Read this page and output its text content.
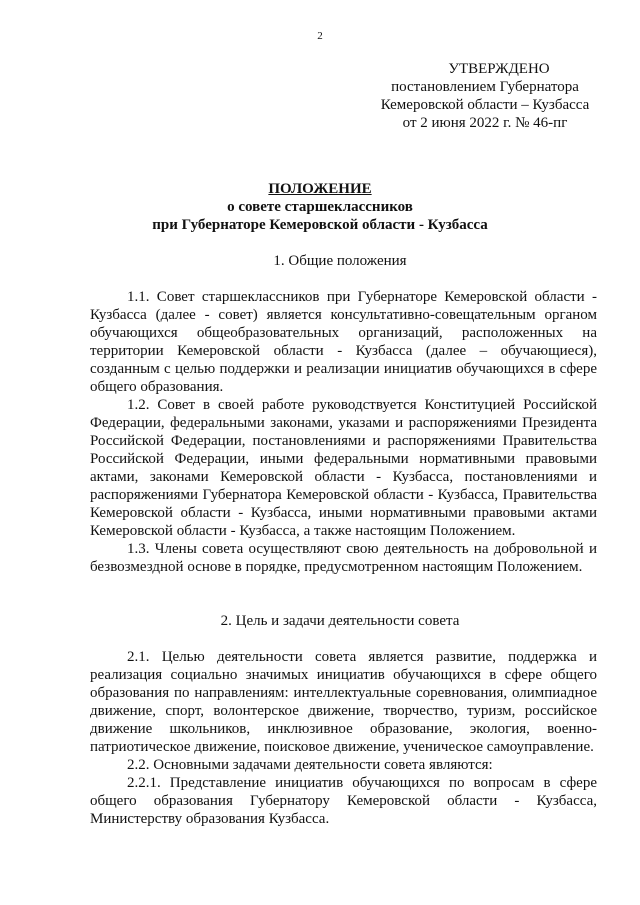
2
УТВЕРЖДЕНО
постановлением Губернатора
Кемеровской области – Кузбасса
от 2 июня 2022 г. № 46-пг
ПОЛОЖЕНИЕ
о совете старшеклассников
при Губернаторе Кемеровской области - Кузбасса
1. Общие положения

1.1. Совет старшеклассников при Губернаторе Кемеровской области - Кузбасса (далее - совет) является консультативно-совещательным органом обучающихся общеобразовательных организаций, расположенных на территории Кемеровской области - Кузбасса (далее – обучающиеся), созданным с целью поддержки и реализации инициатив обучающихся в сфере общего образования.

1.2. Совет в своей работе руководствуется Конституцией Российской Федерации, федеральными законами, указами и распоряжениями Президента Российской Федерации, постановлениями и распоряжениями Правительства Российской Федерации, иными федеральными нормативными правовыми актами, законами Кемеровской области - Кузбасса, постановлениями и распоряжениями Губернатора Кемеровской области - Кузбасса, Правительства Кемеровской области - Кузбасса, иными нормативными правовыми актами Кемеровской области - Кузбасса, а также настоящим Положением.

1.3. Члены совета осуществляют свою деятельность на добровольной и безвозмездной основе в порядке, предусмотренном настоящим Положением.

2. Цель и задачи деятельности совета

2.1. Целью деятельности совета является развитие, поддержка и реализация социально значимых инициатив обучающихся в сфере общего образования по направлениям: интеллектуальные соревнования, олимпиадное движение, спорт, волонтерское движение, творчество, туризм, российское движение школьников, инклюзивное образование, экология, военно-патриотическое движение, поисковое движение, ученическое самоуправление.

2.2. Основными задачами деятельности совета являются:

2.2.1. Представление инициатив обучающихся по вопросам в сфере общего образования Губернатору Кемеровской области - Кузбасса, Министерству образования Кузбасса.
